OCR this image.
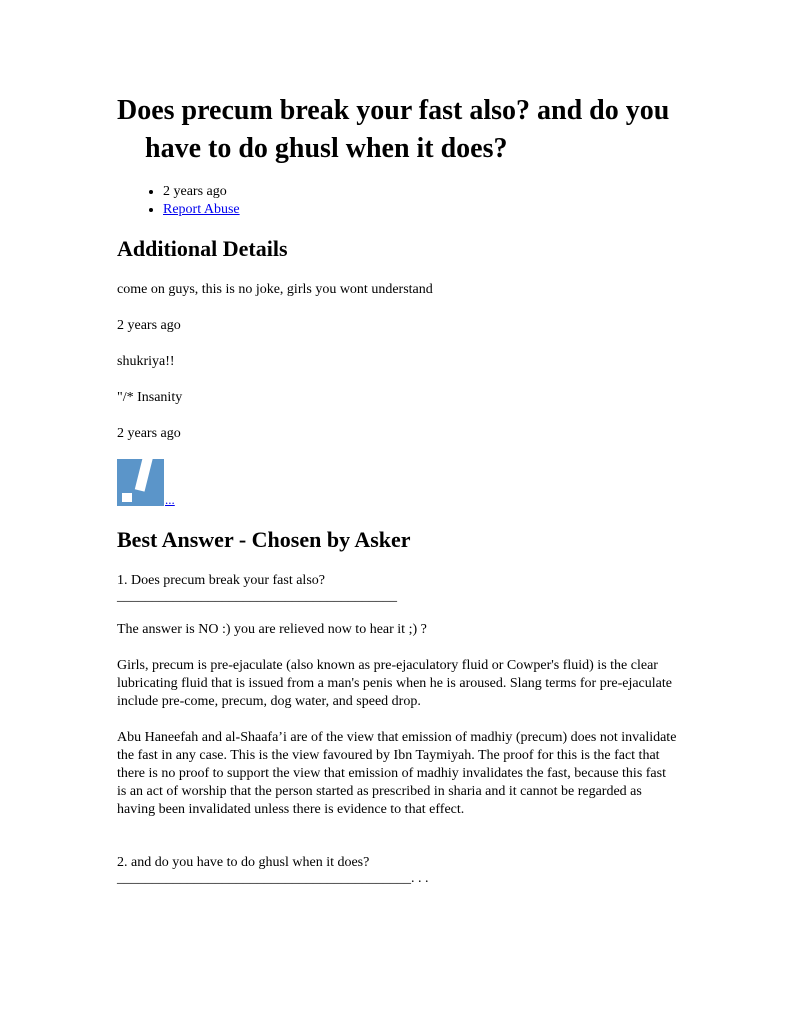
Does precum break your fast also? and do you have to do ghusl when it does?
• 2 years ago
• Report Abuse
Additional Details

come on guys, this is no joke, girls you wont understand

2 years ago

shukriya!!

"/* Insanity

2 years ago

...
Best Answer - Chosen by Asker

1. Does precum break your fast also?

________________________________________

The answer is NO :) you are relieved now to hear it ;) ?

Girls, precum is pre-ejaculate (also known as pre-ejaculatory fluid or Cowper's fluid) is the clear lubricating fluid that is issued from a man's penis when he is aroused. Slang terms for pre-ejaculate include pre-come, precum, dog water, and speed drop.

Abu Haneefah and al-Shaafa’i are of the view that emission of madhiy (precum) does not invalidate the fast in any case. This is the view favoured by Ibn Taymiyah. The proof for this is the fact that there is no proof to support the view that emission of madhiy invalidates the fast, because this fast is an act of worship that the person started as prescribed in sharia and it cannot be regarded as having been invalidated unless there is evidence to that effect.

2. and do you have to do ghusl when it does?

__________________________________________. . .
